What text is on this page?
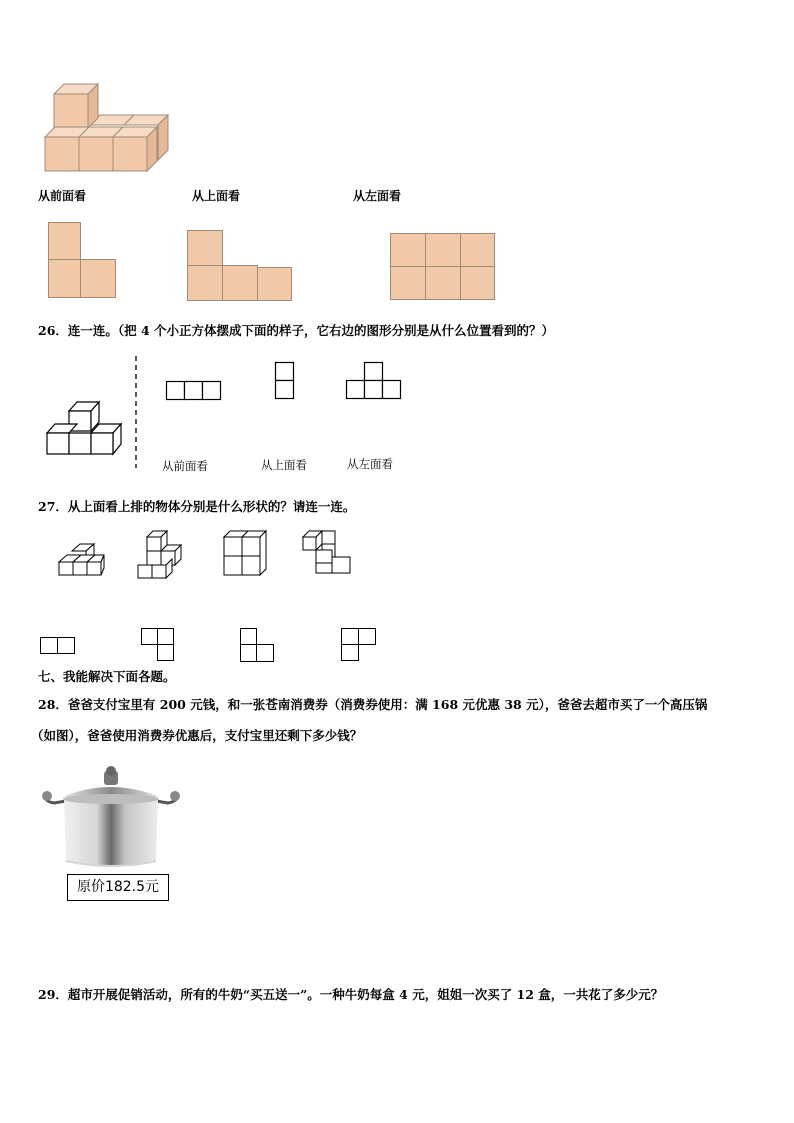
从前面看	从上面看	从左面看
26．连一连。（把 4 个小正方体摆成下面的样子，它右边的图形分别是从什么位置看到的？）
从前面看	从上面看	从左面看
27．从上面看上排的物体分别是什么形状的？请连一连。
七、我能解决下面各题。
28．爸爸支付宝里有 200 元钱，和一张苍南消费券（消费券使用：满 168 元优惠 38 元），爸爸去超市买了一个高压锅
（如图），爸爸使用消费券优惠后，支付宝里还剩下多少钱？
原价182.5元
29．超市开展促销活动，所有的牛奶“买五送一”。一种牛奶每盒 4 元，姐姐一次买了 12 盒，一共花了多少元？
